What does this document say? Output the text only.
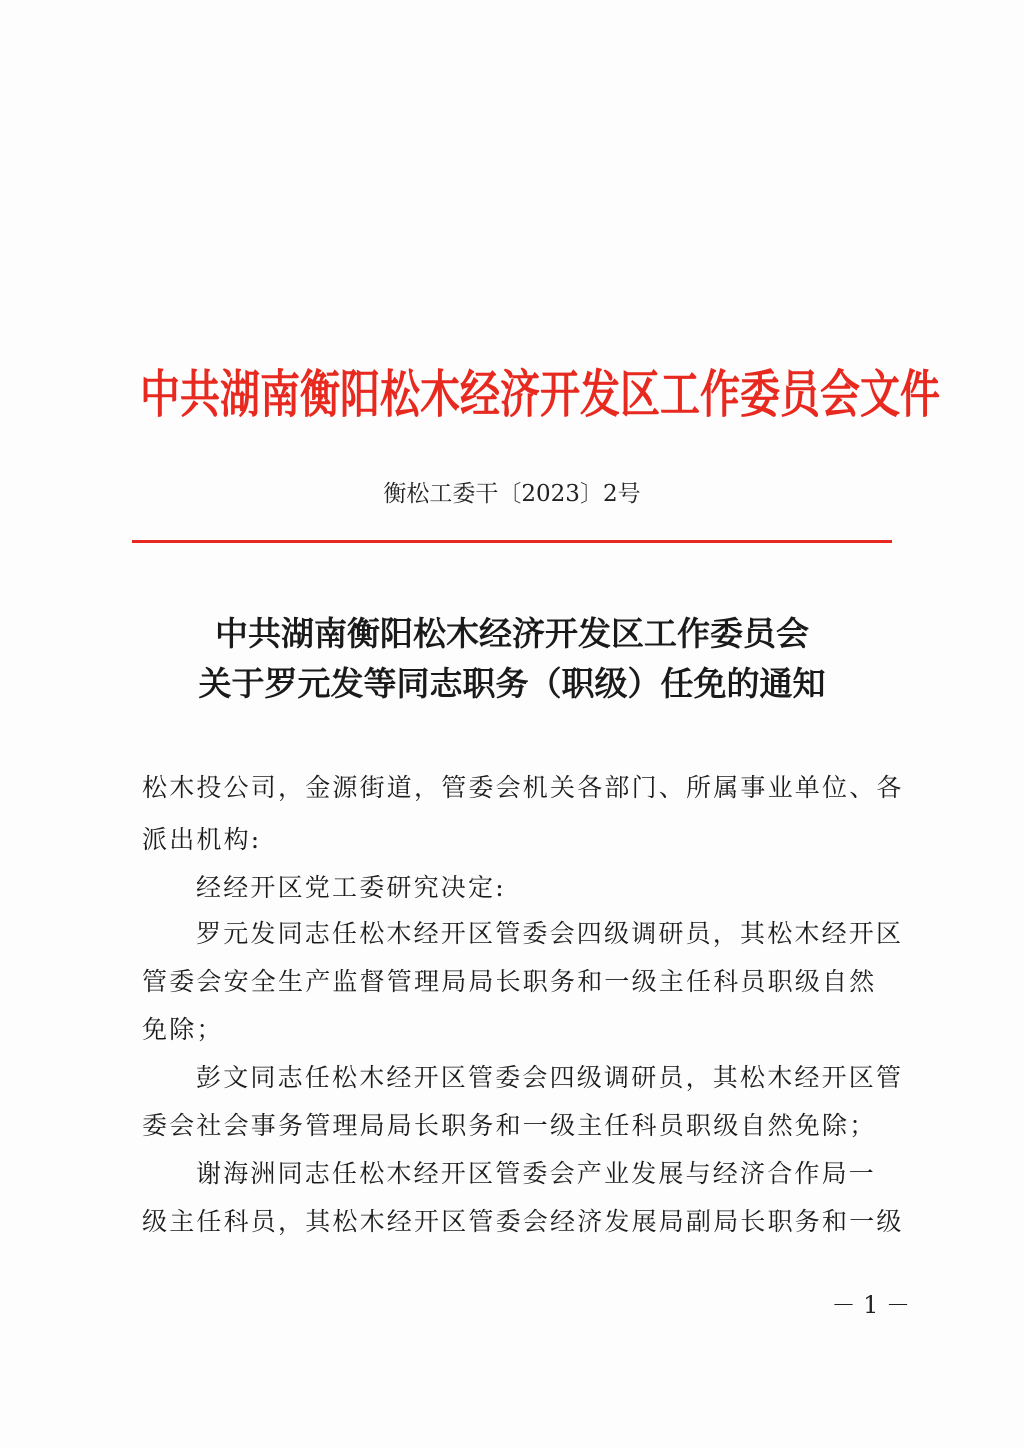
中共湖南衡阳松木经济开发区工作委员会文件
衡松工委干〔2023〕2号
中共湖南衡阳松木经济开发区工作委员会
关于罗元发等同志职务（职级）任免的通知
松木投公司，金源街道，管委会机关各部门、所属事业单位、各
派出机构:
经经开区党工委研究决定:
罗元发同志任松木经开区管委会四级调研员，其松木经开区
管委会安全生产监督管理局局长职务和一级主任科员职级自然
免除；
彭文同志任松木经开区管委会四级调研员，其松木经开区管
委会社会事务管理局局长职务和一级主任科员职级自然免除；
谢海洲同志任松木经开区管委会产业发展与经济合作局一
级主任科员，其松木经开区管委会经济发展局副局长职务和一级
－ 1 －
